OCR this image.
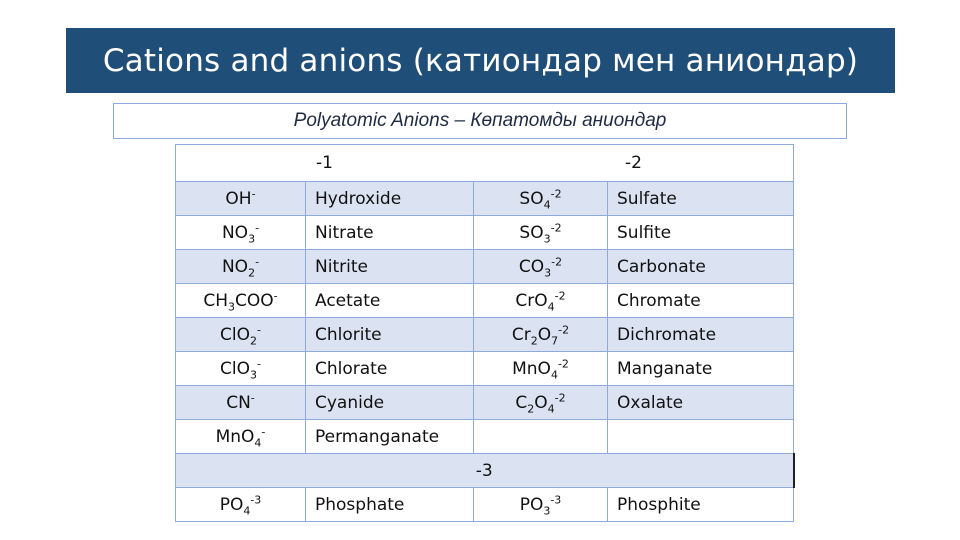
Cations and anions (катиондар мен аниондар)
Polyatomic Anions – Көпатомды аниондар
-1		-2	
OH-	Hydroxide	$SO_4^{-2}$	Sulfate
$NO_3^-$	Nitrate	$SO_3^{-2}$	Sulfite
$NO_2^-$	Nitrite	$CO_3^{-2}$	Carbonate
$CH_3COO^-$	Acetate	CrO$_4^{-2}$	Chromate
ClO$_2$-	Chlorite	$Cr_2O_7^{-2}$	Dichromate
ClO$_3$-	Chlorate	MnO$_4^{-2}$	Manganate
CN-	Cyanide	$C_2O_4^{-2}$	Oxalate
MnO$_4$-	Permanganate		
-3			
$PO_4^{-3}$	Phosphate	$PO_3^{-3}$	Phosphite
